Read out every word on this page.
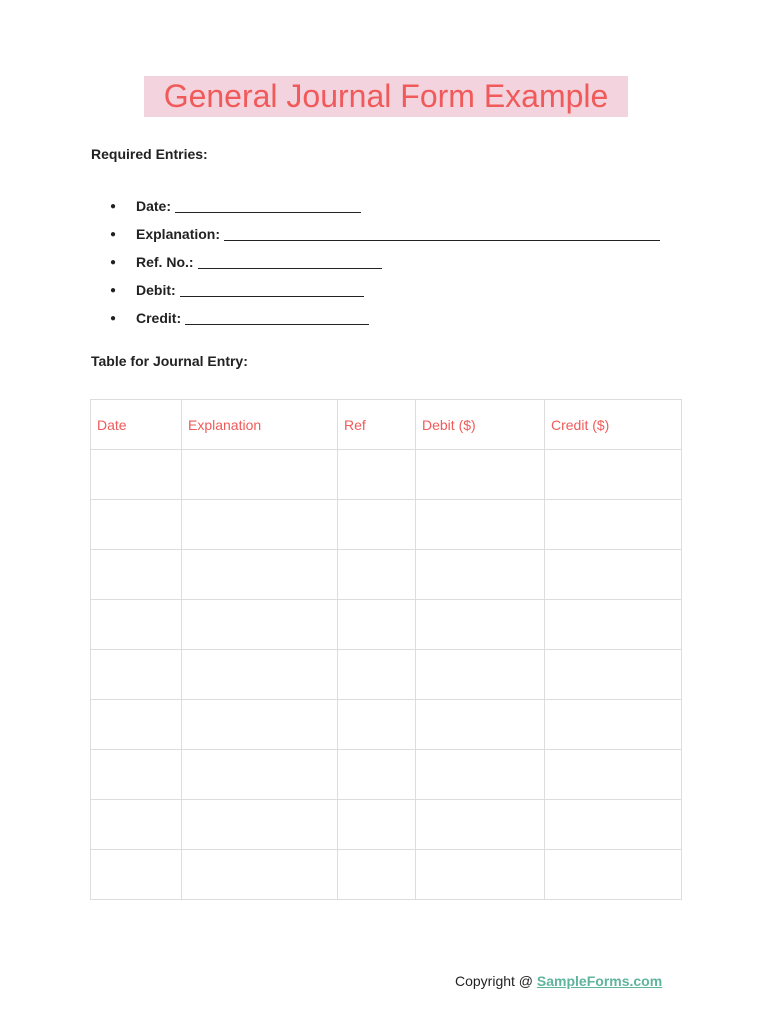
General Journal Form Example
Required Entries:
●	Date:
●	Explanation:
●	Ref. No.:
●	Debit:
●	Credit:
Table for Journal Entry:
Date	Explanation	Ref	Debit ($)	Credit ($)

Copyright @ SampleForms.com
